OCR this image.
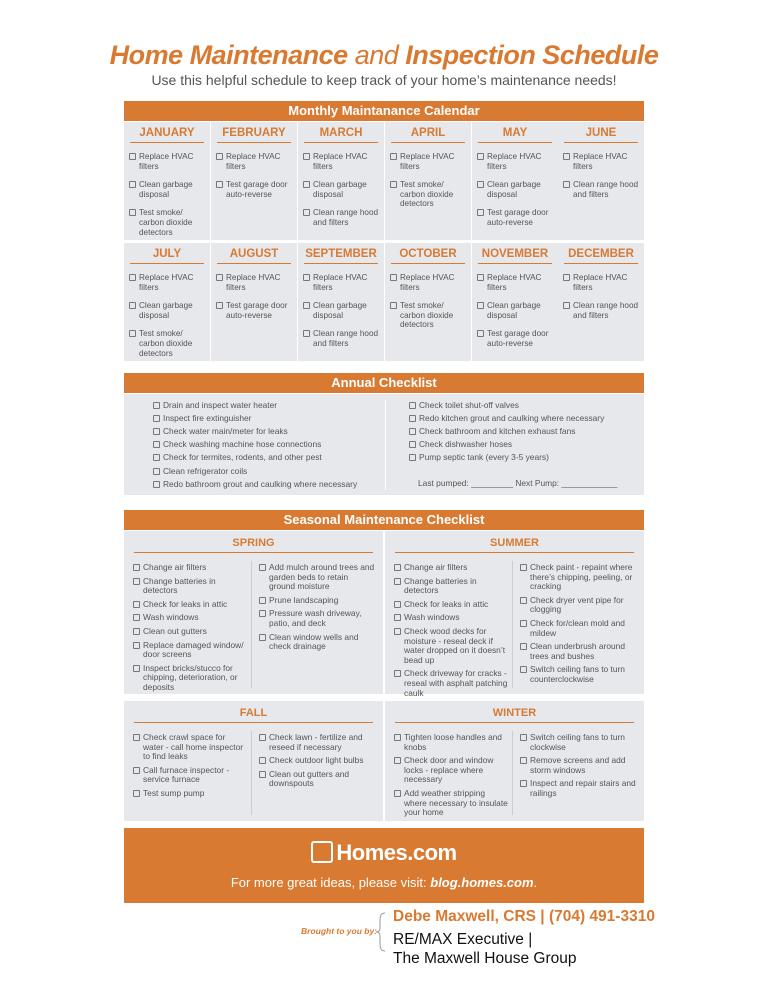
Home Maintenance and Inspection Schedule
Use this helpful schedule to keep track of your home’s maintenance needs!
Monthly Maintanance Calendar
JANUARY
Replace HVAC filters
Clean garbage disposal
Test smoke/ carbon dioxide detectors
FEBRUARY
Replace HVAC filters
Test garage door auto-reverse
MARCH
Replace HVAC filters
Clean garbage disposal
Clean range hood and filters
APRIL
Replace HVAC filters
Test smoke/ carbon dioxide detectors
MAY
Replace HVAC filters
Clean garbage disposal
Test garage door auto-reverse
JUNE
Replace HVAC filters
Clean range hood and filters
JULY
Replace HVAC filters
Clean garbage disposal
Test smoke/ carbon dioxide detectors
AUGUST
Replace HVAC filters
Test garage door auto-reverse
SEPTEMBER
Replace HVAC filters
Clean garbage disposal
Clean range hood and filters
OCTOBER
Replace HVAC filters
Test smoke/ carbon dioxide detectors
NOVEMBER
Replace HVAC filters
Clean garbage disposal
Test garage door auto-reverse
DECEMBER
Replace HVAC filters
Clean range hood and filters
Annual Checklist
Drain and inspect water heater
Inspect fire extinguisher
Check water main/meter for leaks
Check washing machine hose connections
Check for termites, rodents, and other pest
Clean refrigerator coils
Redo bathroom grout and caulking where necessary
Check toilet shut-off valves
Redo kitchen grout and caulking where necessary
Check bathroom and kitchen exhaust fans
Check dishwasher hoses
Pump septic tank (every 3-5 years)
Last pumped: _________ Next Pump: ____________
Seasonal Maintenance Checklist
SPRING
Change air filters
Change batteries in detectors
Check for leaks in attic
Wash windows
Clean out gutters
Replace damaged window/ door screens
Inspect bricks/stucco for chipping, deterioration, or deposits
Add mulch around trees and garden beds to retain ground moisture
Prune landscaping
Pressure wash driveway, patio, and deck
Clean window wells and check drainage
SUMMER
Change air filters
Change batteries in detectors
Check for leaks in attic
Wash windows
Check wood decks for moisture - reseal deck if water dropped on it doesn’t bead up
Check driveway for cracks - reseal with asphalt patching caulk
Check paint - repaint where there’s chipping, peeling, or cracking
Check dryer vent pipe for clogging
Check for/clean mold and mildew
Clean underbrush around trees and bushes
Switch ceiling fans to turn counterclockwise
FALL
Check crawl space for water - call home inspector to find leaks
Call furnace inspector - service furnace
Test sump pump
Check lawn - fertilize and reseed if necessary
Check outdoor light bulbs
Clean out gutters and downspouts
WINTER
Tighten loose handles and knobs
Check door and window locks - replace where necessary
Add weather stripping where necessary to insulate your home
Switch ceiling fans to turn clockwise
Remove screens and add storm windows
Inspect and repair stairs and railings
Homes.com
For more great ideas, please visit: blog.homes.com.
Brought to you by:
Debe Maxwell, CRS | (704) 491-3310
RE/MAX Executive |
The Maxwell House Group
